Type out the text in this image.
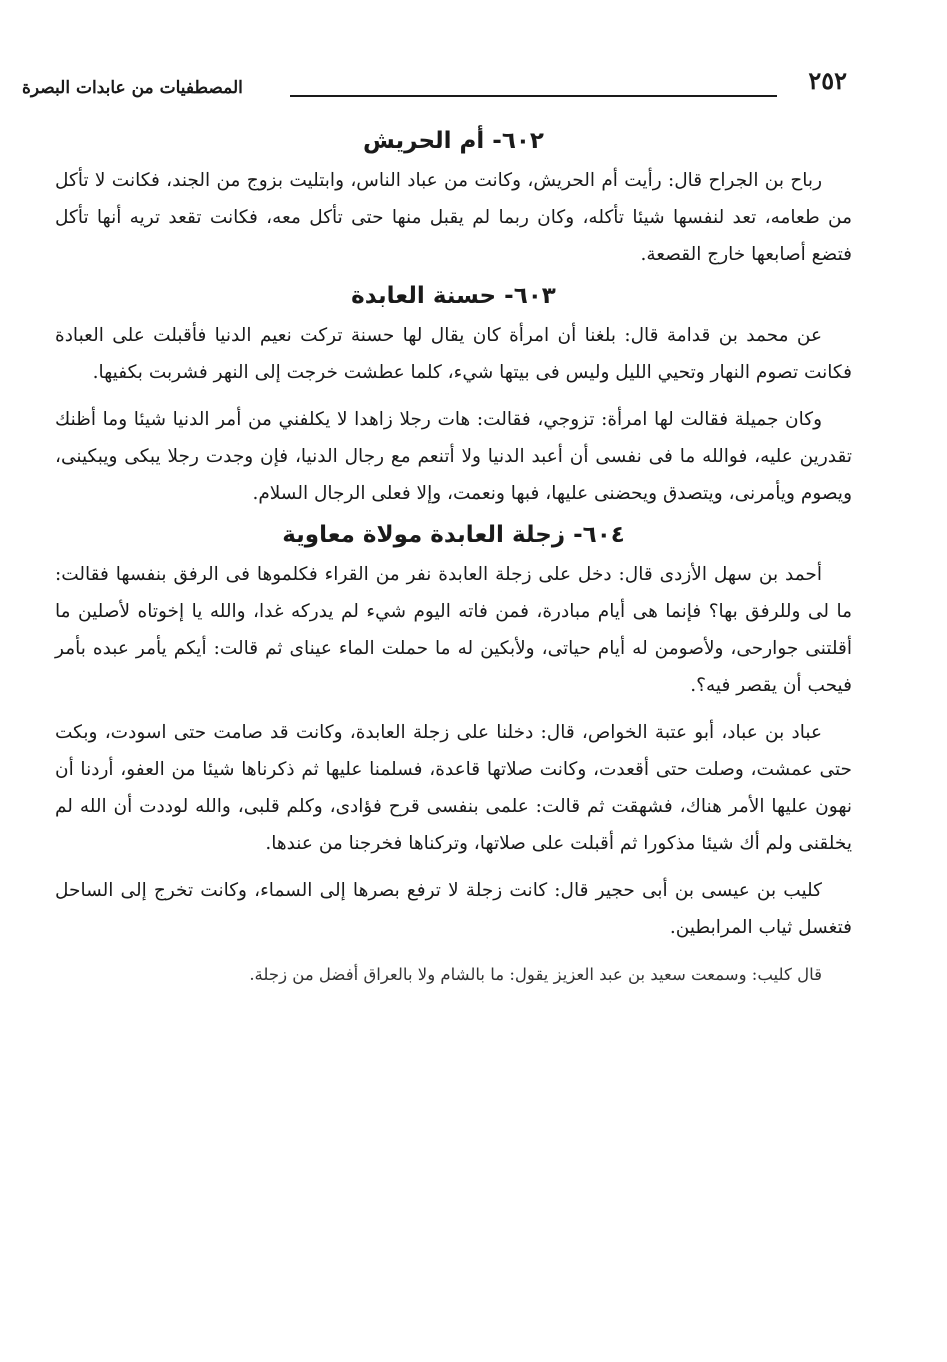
٢٥٢
المصطفيات من عابدات البصرة
٦٠٢- أم الحريش

رباح بن الجراح قال: رأيت أم الحريش، وكانت من عباد الناس، وابتليت بزوج من الجند، فكانت لا تأكل من طعامه، تعد لنفسها شيئا تأكله، وكان ربما لم يقبل منها حتى تأكل معه، فكانت تقعد تريه أنها تأكل فتضع أصابعها خارج القصعة.

٦٠٣- حسنة العابدة

عن محمد بن قدامة قال: بلغنا أن امرأة كان يقال لها حسنة تركت نعيم الدنيا فأقبلت على العبادة فكانت تصوم النهار وتحيي الليل وليس فى بيتها شيء، كلما عطشت خرجت إلى النهر فشربت بكفيها.

وكان جميلة فقالت لها امرأة: تزوجي، فقالت: هات رجلا زاهدا لا يكلفني من أمر الدنيا شيئا وما أظنك تقدرين عليه، فوالله ما فى نفسى أن أعبد الدنيا ولا أتنعم مع رجال الدنيا، فإن وجدت رجلا يبكى ويبكينى، ويصوم ويأمرنى، ويتصدق ويحضنى عليها، فبها ونعمت، وإلا فعلى الرجال السلام.

٦٠٤- زجلة العابدة مولاة معاوية

أحمد بن سهل الأزدى قال: دخل على زجلة العابدة نفر من القراء فكلموها فى الرفق بنفسها فقالت: ما لى وللرفق بها؟ فإنما هى أيام مبادرة، فمن فاته اليوم شيء لم يدركه غدا، والله يا إخوتاه لأصلين ما أقلتنى جوارحى، ولأصومن له أيام حياتى، ولأبكين له ما حملت الماء عيناى ثم قالت: أيكم يأمر عبده بأمر فيحب أن يقصر فيه؟.

عباد بن عباد، أبو عتبة الخواص، قال: دخلنا على زجلة العابدة، وكانت قد صامت حتى اسودت، وبكت حتى عمشت، وصلت حتى أقعدت، وكانت صلاتها قاعدة، فسلمنا عليها ثم ذكرناها شيئا من العفو، أردنا أن نهون عليها الأمر هناك، فشهقت ثم قالت: علمى بنفسى قرح فؤادى، وكلم قلبى، والله لوددت أن الله لم يخلقنى ولم أك شيئا مذكورا ثم أقبلت على صلاتها، وتركناها فخرجنا من عندها.

كليب بن عيسى بن أبى حجير قال: كانت زجلة لا ترفع بصرها إلى السماء، وكانت تخرج إلى الساحل فتغسل ثياب المرابطين.

قال كليب: وسمعت سعيد بن عبد العزيز يقول: ما بالشام ولا بالعراق أفضل من زجلة.
